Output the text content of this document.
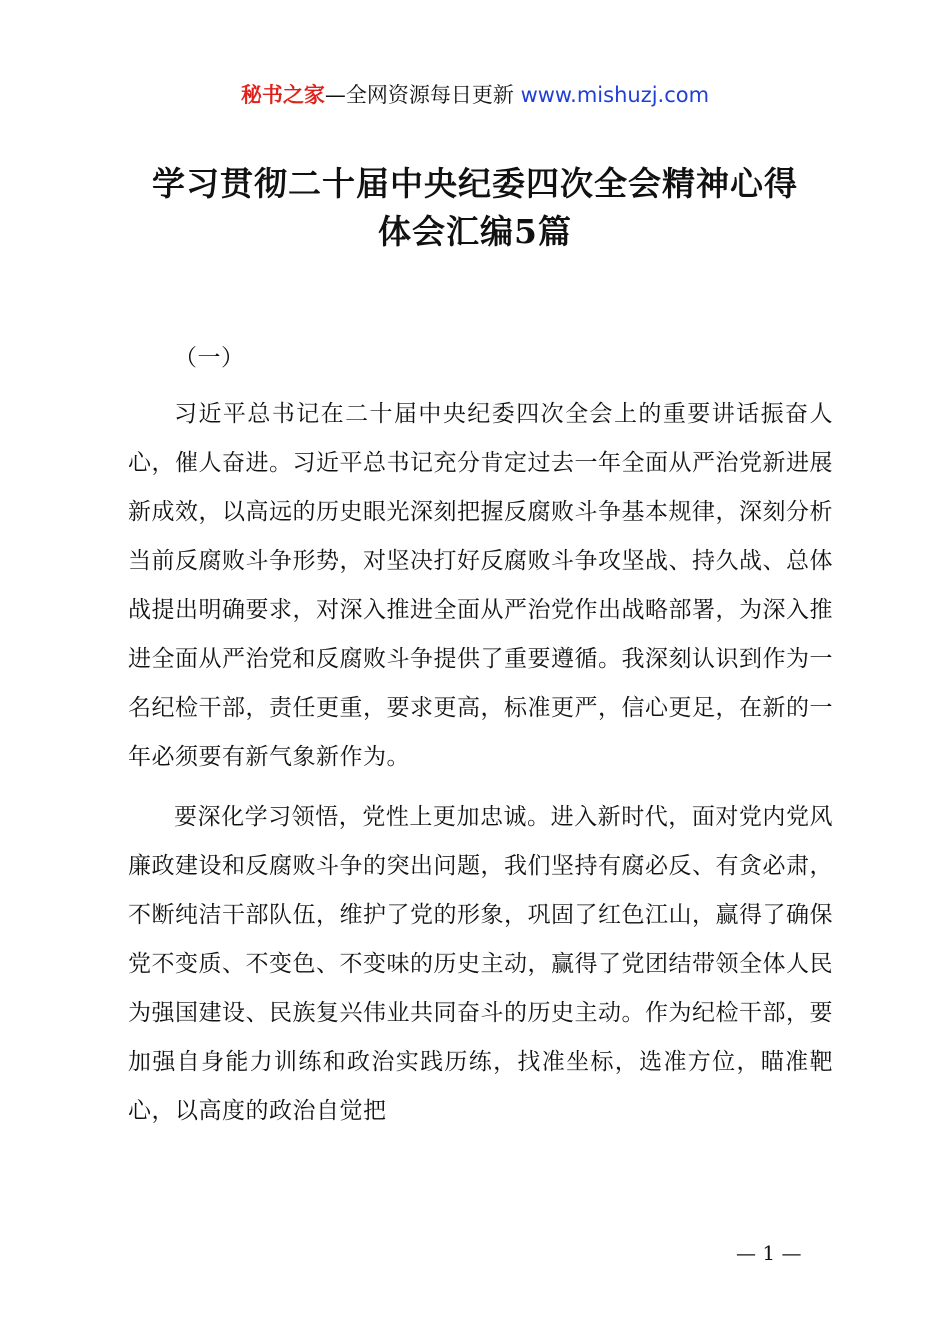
秘书之家—全网资源每日更新 www.mishuzj.com
学习贯彻二十届中央纪委四次全会精神心得
体会汇编5篇

（一）

习近平总书记在二十届中央纪委四次全会上的重要讲话振奋人心，催人奋进。习近平总书记充分肯定过去一年全面从严治党新进展新成效，以高远的历史眼光深刻把握反腐败斗争基本规律，深刻分析当前反腐败斗争形势，对坚决打好反腐败斗争攻坚战、持久战、总体战提出明确要求，对深入推进全面从严治党作出战略部署，为深入推进全面从严治党和反腐败斗争提供了重要遵循。我深刻认识到作为一名纪检干部，责任更重，要求更高，标准更严，信心更足，在新的一年必须要有新气象新作为。

要深化学习领悟，党性上更加忠诚。进入新时代，面对党内党风廉政建设和反腐败斗争的突出问题，我们坚持有腐必反、有贪必肃，不断纯洁干部队伍，维护了党的形象，巩固了红色江山，赢得了确保党不变质、不变色、不变味的历史主动，赢得了党团结带领全体人民为强国建设、民族复兴伟业共同奋斗的历史主动。作为纪检干部，要加强自身能力训练和政治实践历练，找准坐标，选准方位，瞄准靶心，以高度的政治自觉把

— 1 —
